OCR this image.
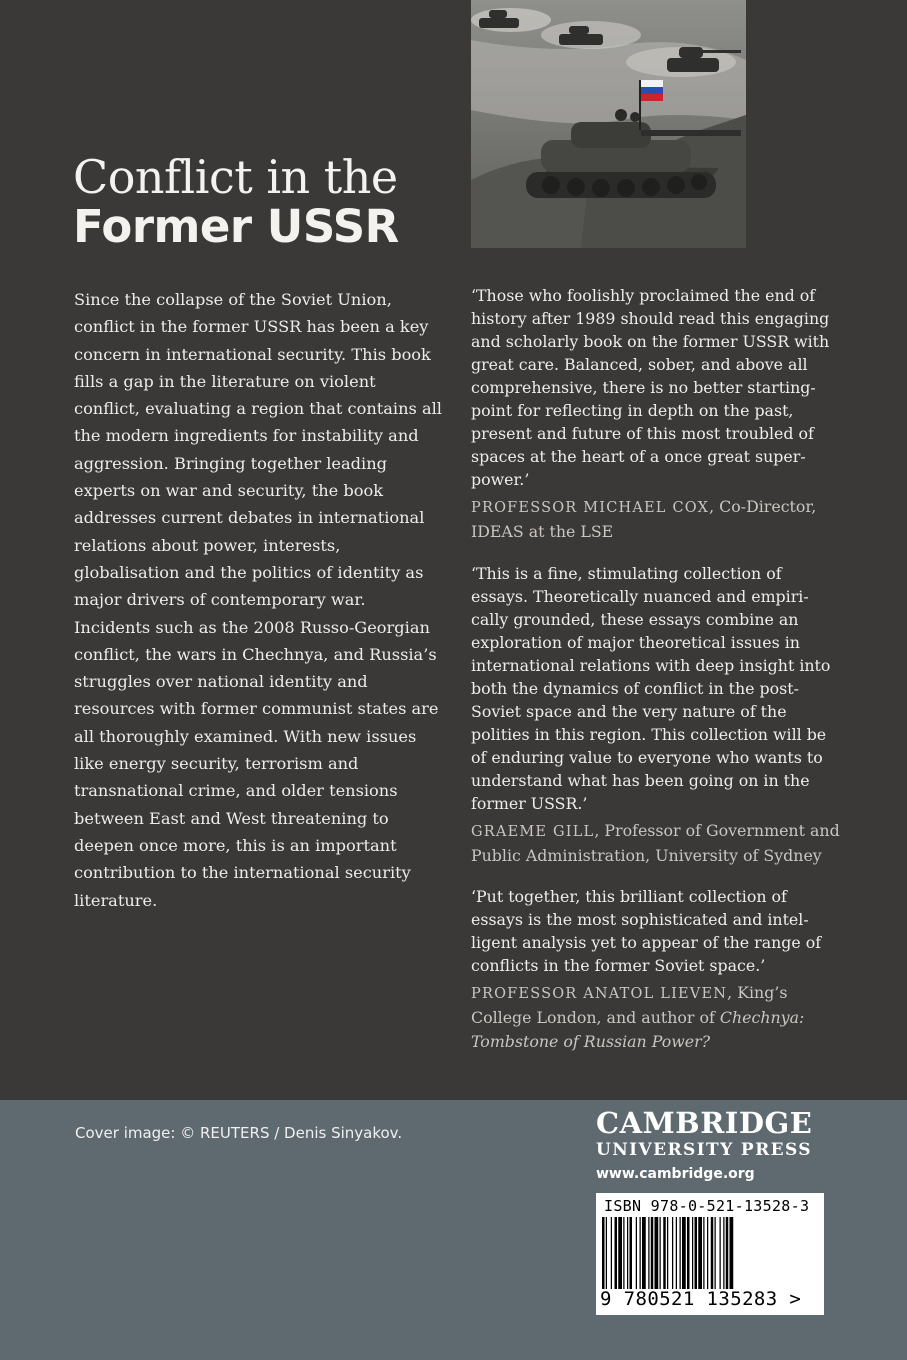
Conflict in the
Former USSR

Since the collapse of the Soviet Union, conflict in the former USSR has been a key concern in international security. This book fills a gap in the literature on violent conflict, evaluating a region that contains all the modern ingredients for instability and aggression. Bringing together leading experts on war and security, the book addresses current debates in international relations about power, interests, globalisation and the politics of identity as major drivers of contemporary war. Incidents such as the 2008 Russo-Georgian conflict, the wars in Chechnya, and Russia’s struggles over national identity and resources with former communist states are all thoroughly examined. With new issues like energy security, terrorism and transnational crime, and older tensions between East and West threatening to deepen once more, this is an important contribution to the international security literature.

‘Those who foolishly proclaimed the end of history after 1989 should read this engaging and scholarly book on the former USSR with great care. Balanced, sober, and above all comprehensive, there is no better starting-point for reflecting in depth on the past, present and future of this most troubled of spaces at the heart of a once great super-power.’

PROFESSOR MICHAEL COX, Co-Director, IDEAS at the LSE

‘This is a fine, stimulating collection of essays. Theoretically nuanced and empiri-cally grounded, these essays combine an exploration of major theoretical issues in international relations with deep insight into both the dynamics of conflict in the post-Soviet space and the very nature of the polities in this region. This collection will be of enduring value to everyone who wants to understand what has been going on in the former USSR.’

GRAEME GILL, Professor of Government and Public Administration, University of Sydney

‘Put together, this brilliant collection of essays is the most sophisticated and intel-ligent analysis yet to appear of the range of conflicts in the former Soviet space.’

PROFESSOR ANATOL LIEVEN, King’s College London, and author of Chechnya: Tombstone of Russian Power?

Cover image: © REUTERS / Denis Sinyakov.	CAMBRIDGE
UNIVERSITY PRESS
www.cambridge.org
ISBN 978-0-521-13528-3
9 780521 135283 >
